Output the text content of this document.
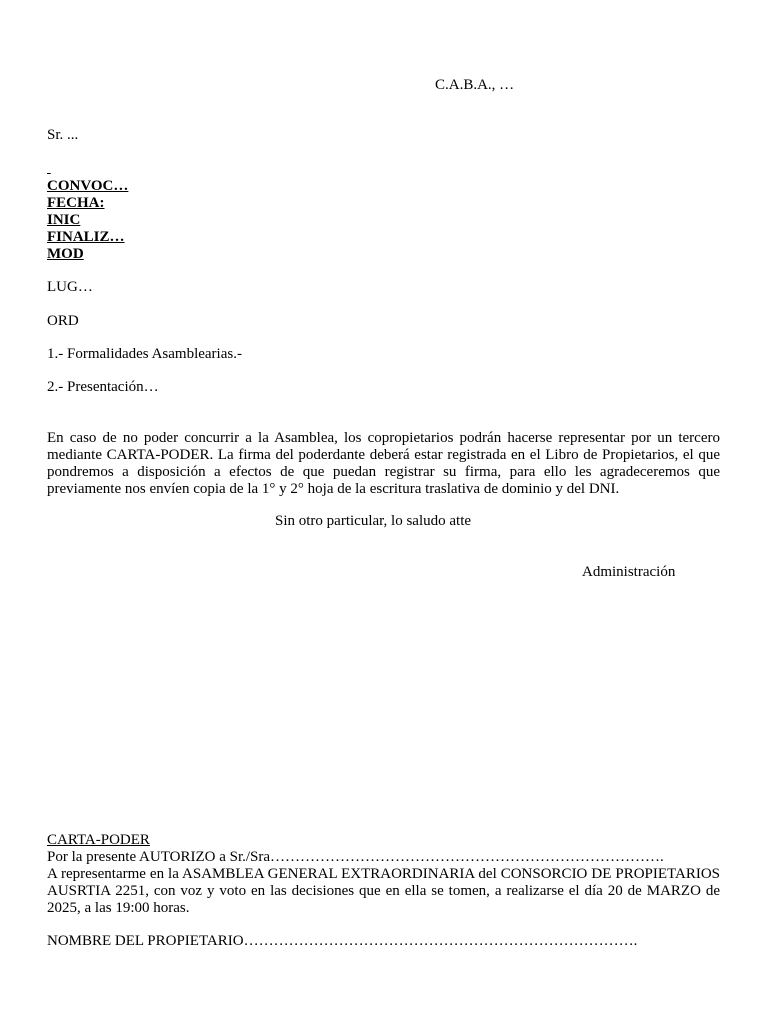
C.A.B.A., …

Sr. ...

CONVOC…

FECHA:

INIC

FINALIZ…

MOD

LUG…

ORD

1.- Formalidades Asamblearias.-

2.- Presentación…

En caso de no poder concurrir a la Asamblea, los copropietarios podrán hacerse representar por un tercero mediante CARTA-PODER. La firma del poderdante deberá estar registrada en el Libro de Propietarios, el que pondremos a disposición a efectos de que puedan registrar su firma, para ello les agradeceremos que previamente nos envíen copia de la 1° y 2° hoja de la escritura traslativa de dominio y del DNI.

Sin otro particular, lo saludo atte

Administración

CARTA-PODER

Por la presente AUTORIZO a Sr./Sra…………………………………………………………………….

A representarme en la ASAMBLEA GENERAL EXTRAORDINARIA del CONSORCIO DE PROPIETARIOS AUSRTIA 2251, con voz y voto en las decisiones que en ella se tomen, a realizarse el día 20 de MARZO de 2025, a las 19:00 horas.

NOMBRE DEL PROPIETARIO…………………………………………………………………….
